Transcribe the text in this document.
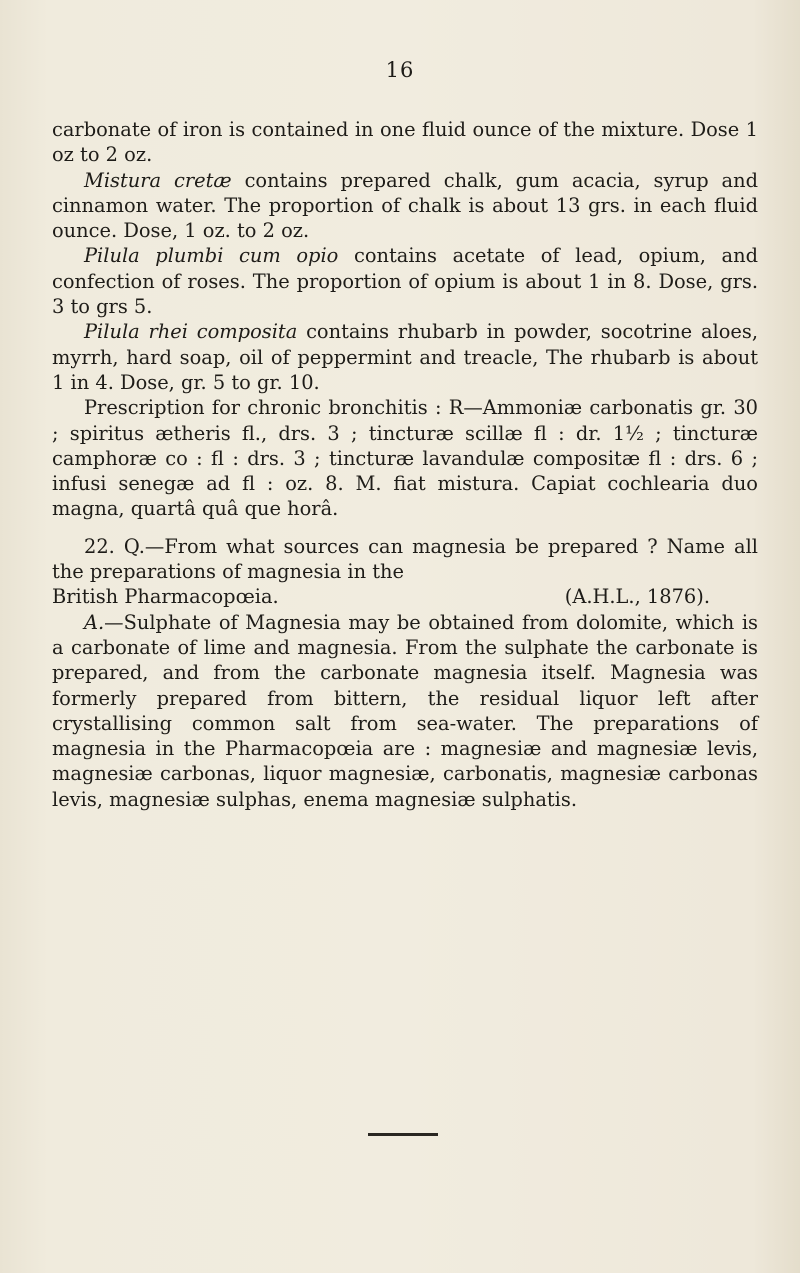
16

carbonate of iron is contained in one fluid ounce of the mixture. Dose 1 oz to 2 oz.

Mistura cretæ contains prepared chalk, gum acacia, syrup and cinnamon water. The proportion of chalk is about 13 grs. in each fluid ounce. Dose, 1 oz. to 2 oz.

Pilula plumbi cum opio contains acetate of lead, opium, and confection of roses. The proportion of opium is about 1 in 8. Dose, grs. 3 to grs 5.

Pilula rhei composita contains rhubarb in powder, socotrine aloes, myrrh, hard soap, oil of peppermint and treacle, The rhubarb is about 1 in 4. Dose, gr. 5 to gr. 10.

Prescription for chronic bronchitis : R—Ammoniæ carbonatis gr. 30 ; spiritus ætheris fl., drs. 3 ; tincturæ scillæ fl : dr. 1½ ; tincturæ camphoræ co : fl : drs. 3 ; tincturæ lavandulæ compositæ fl : drs. 6 ; infusi senegæ ad fl : oz. 8. M. fiat mistura. Capiat cochlearia duo magna, quartâ quâ que horâ.

22. Q.—From what sources can magnesia be prepared ? Name all the preparations of magnesia in the

British Pharmacopœia.	(A.H.L., 1876).

A.—Sulphate of Magnesia may be obtained from dolomite, which is a carbonate of lime and magnesia. From the sulphate the carbonate is prepared, and from the carbonate magnesia itself. Magnesia was formerly prepared from bittern, the residual liquor left after crystallising common salt from sea-water. The preparations of magnesia in the Pharmacopœia are : magnesiæ and magnesiæ levis, magnesiæ carbonas, liquor magnesiæ, carbonatis, magnesiæ carbonas levis, magnesiæ sulphas, enema magnesiæ sulphatis.
